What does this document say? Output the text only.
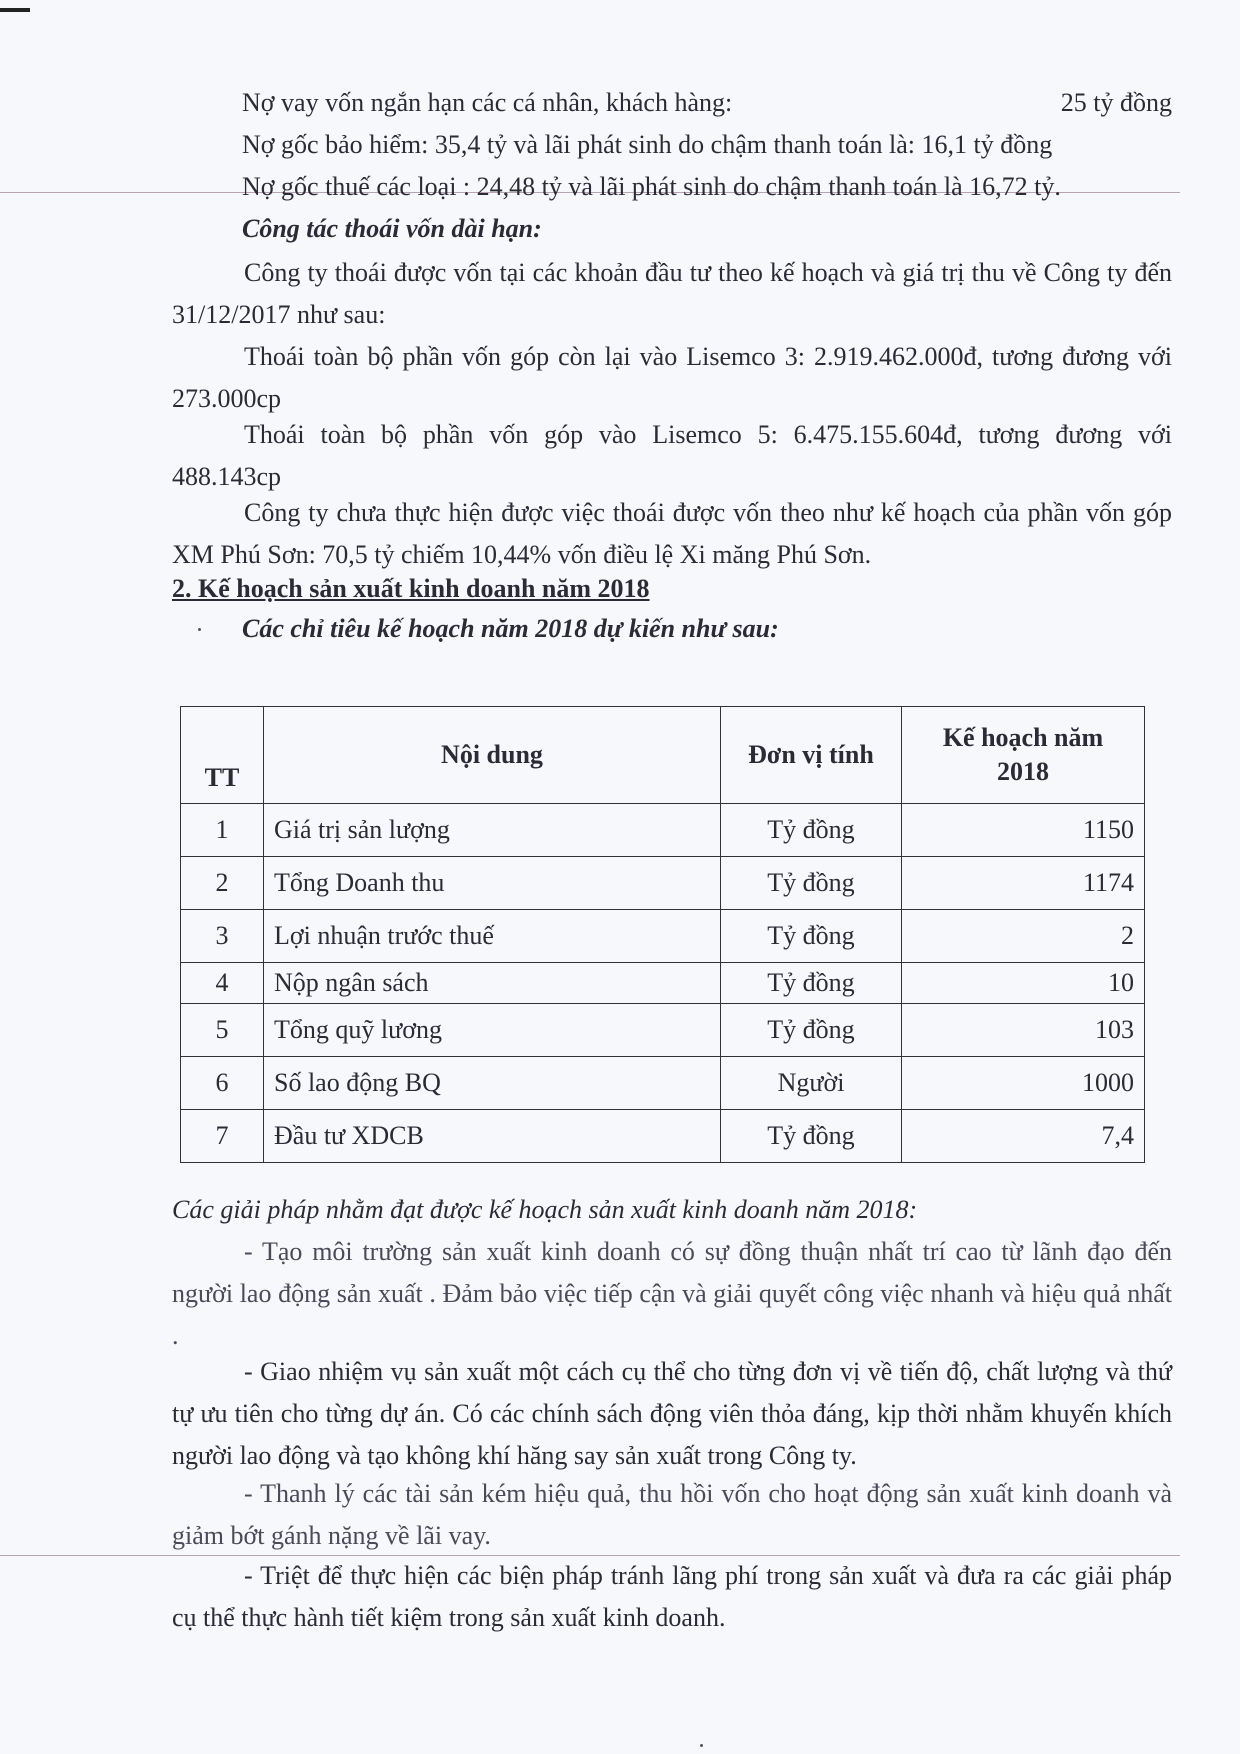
Nợ vay vốn ngắn hạn các cá nhân, khách hàng:	25 tỷ đồng
Nợ gốc bảo hiểm: 35,4 tỷ và lãi phát sinh do chậm thanh toán là: 16,1 tỷ đồng
Nợ gốc thuế các loại : 24,48 tỷ và lãi phát sinh do chậm thanh toán là 16,72 tỷ.
Công tác thoái vốn dài hạn:
Công ty thoái được vốn tại các khoản đầu tư theo kế hoạch và giá trị thu về Công ty đến 31/12/2017 như sau:
Thoái toàn bộ phần vốn góp còn lại vào Lisemco 3: 2.919.462.000đ, tương đương với 273.000cp
Thoái toàn bộ phần vốn góp vào Lisemco 5: 6.475.155.604đ, tương đương với 488.143cp
Công ty chưa thực hiện được việc thoái được vốn theo như kế hoạch của phần vốn góp XM Phú Sơn: 70,5 tỷ chiếm 10,44% vốn điều lệ Xi măng Phú Sơn.
2. Kế hoạch sản xuất kinh doanh năm 2018
Các chỉ tiêu kế hoạch năm 2018 dự kiến như sau:
TT	Nội dung	Đơn vị tính	Kế hoạch năm
2018

1	Giá trị sản lượng	Tỷ đồng	1150
2	Tổng Doanh thu	Tỷ đồng	1174
3	Lợi nhuận trước thuế	Tỷ đồng	2
4	Nộp ngân sách	Tỷ đồng	10
5	Tổng quỹ lương	Tỷ đồng	103
6	Số lao động BQ	Người	1000
7	Đầu tư XDCB	Tỷ đồng	7,4
Các giải pháp nhằm đạt được kế hoạch sản xuất kinh doanh năm 2018:
- Tạo môi trường sản xuất kinh doanh có sự đồng thuận nhất trí cao từ lãnh đạo đến người lao động sản xuất . Đảm bảo việc tiếp cận và giải quyết công việc nhanh và hiệu quả nhất .
- Giao nhiệm vụ sản xuất một cách cụ thể cho từng đơn vị về tiến độ, chất lượng và thứ tự ưu tiên cho từng dự án. Có các chính sách động viên thỏa đáng, kịp thời nhằm khuyến khích người lao động và tạo không khí hăng say sản xuất trong Công ty.
- Thanh lý các tài sản kém hiệu quả, thu hồi vốn cho hoạt động sản xuất kinh doanh và giảm bớt gánh nặng về lãi vay.
- Triệt để thực hiện các biện pháp tránh lãng phí trong sản xuất và đưa ra các giải pháp cụ thể thực hành tiết kiệm trong sản xuất kinh doanh.
